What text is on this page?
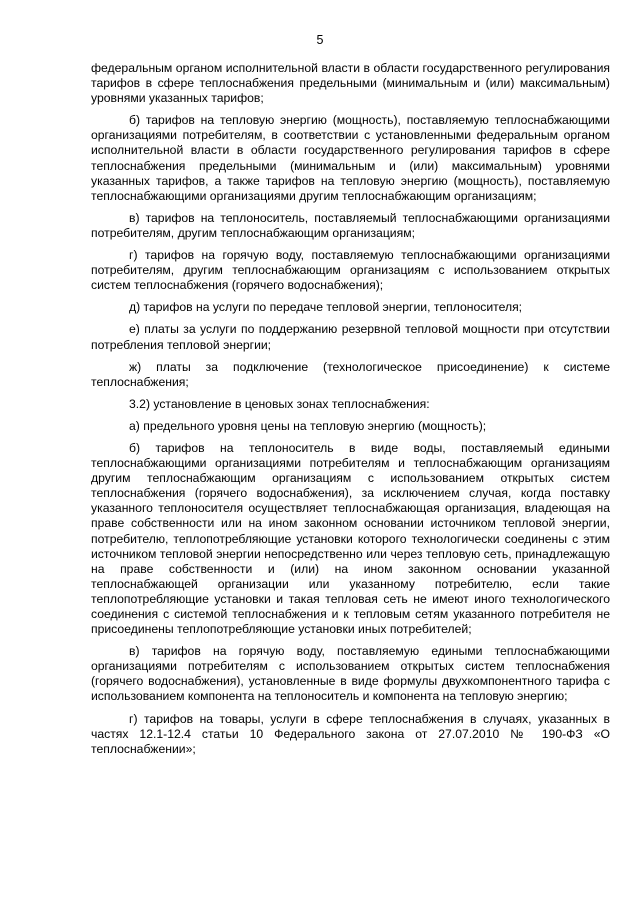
5

федеральным органом исполнительной власти в области государственного регулирования тарифов в сфере теплоснабжения предельными (минимальным и (или) максимальным) уровнями указанных тарифов;

б) тарифов на тепловую энергию (мощность), поставляемую теплоснабжающими организациями потребителям, в соответствии с установленными федеральным органом исполнительной власти в области государственного регулирования тарифов в сфере теплоснабжения предельными (минимальным и (или) максимальным) уровнями указанных тарифов, а также тарифов на тепловую энергию (мощность), поставляемую теплоснабжающими организациями другим теплоснабжающим организациям;

в) тарифов на теплоноситель, поставляемый теплоснабжающими организациями потребителям, другим теплоснабжающим организациям;

г) тарифов на горячую воду, поставляемую теплоснабжающими организациями потребителям, другим теплоснабжающим организациям с использованием открытых систем теплоснабжения (горячего водоснабжения);

д) тарифов на услуги по передаче тепловой энергии, теплоносителя;

е) платы за услуги по поддержанию резервной тепловой мощности при отсутствии потребления тепловой энергии;

ж) платы за подключение (технологическое присоединение) к системе теплоснабжения;

3.2) установление в ценовых зонах теплоснабжения:

а) предельного уровня цены на тепловую энергию (мощность);

б) тарифов на теплоноситель в виде воды, поставляемый едиными теплоснабжающими организациями потребителям и теплоснабжающим организациям другим теплоснабжающим организациям с использованием открытых систем теплоснабжения (горячего водоснабжения), за исключением случая, когда поставку указанного теплоносителя осуществляет теплоснабжающая организация, владеющая на праве собственности или на ином законном основании источником тепловой энергии, потребителю, теплопотребляющие установки которого технологически соединены с этим источником тепловой энергии непосредственно или через тепловую сеть, принадлежащую на праве собственности и (или) на ином законном основании указанной теплоснабжающей организации или указанному потребителю, если такие теплопотребляющие установки и такая тепловая сеть не имеют иного технологического соединения с системой теплоснабжения и к тепловым сетям указанного потребителя не присоединены теплопотребляющие установки иных потребителей;

в) тарифов на горячую воду, поставляемую едиными теплоснабжающими организациями потребителям с использованием открытых систем теплоснабжения (горячего водоснабжения), установленные в виде формулы двухкомпонентного тарифа с использованием компонента на теплоноситель и компонента на тепловую энергию;

г) тарифов на товары, услуги в сфере теплоснабжения в случаях, указанных в частях 12.1-12.4 статьи 10 Федерального закона от 27.07.2010 № 190-ФЗ «О теплоснабжении»;
